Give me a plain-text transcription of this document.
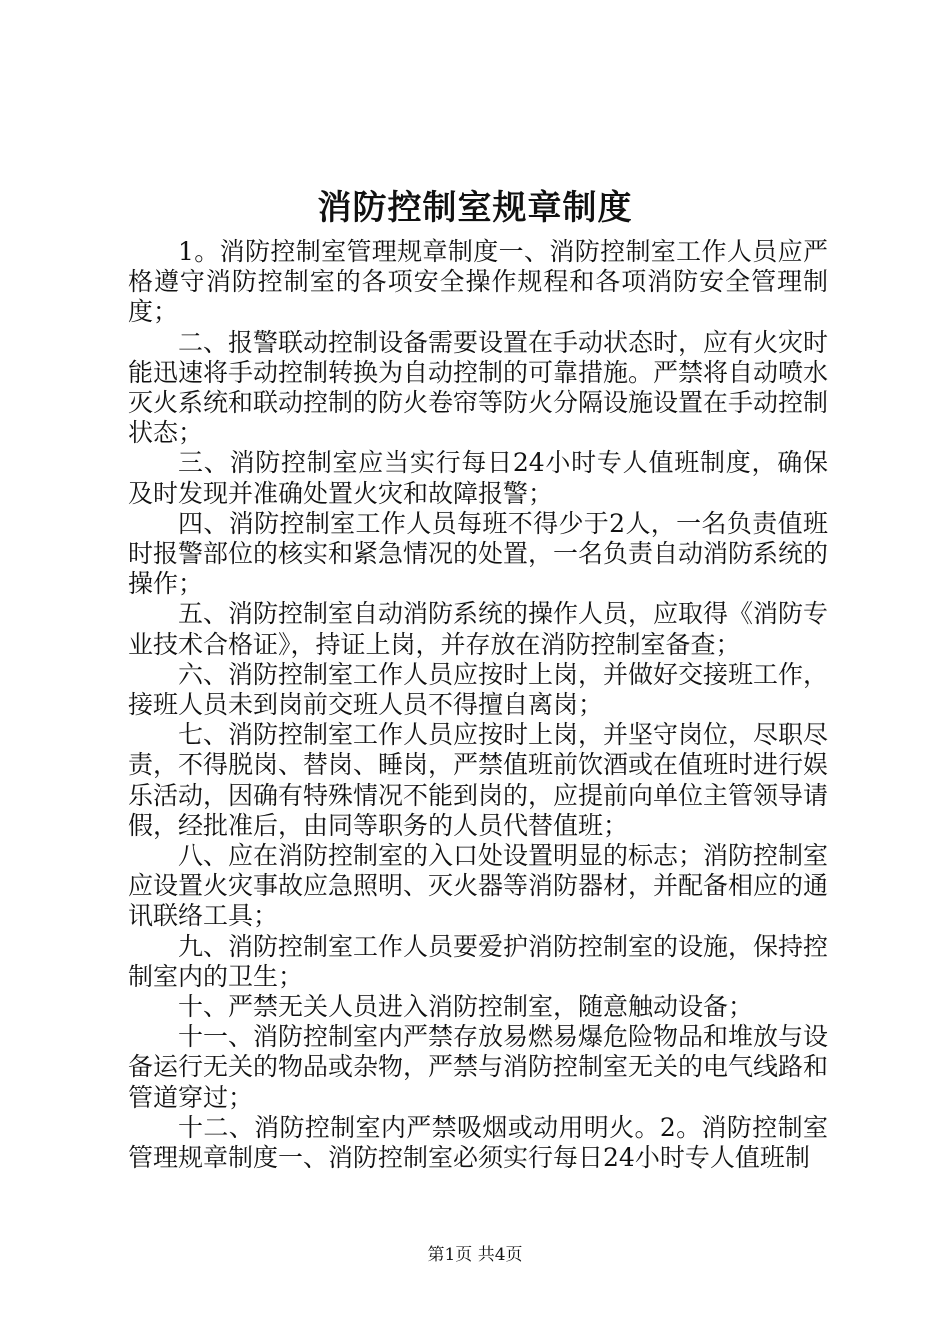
消防控制室规章制度

1。消防控制室管理规章制度一、消防控制室工作人员应严格遵守消防控制室的各项安全操作规程和各项消防安全管理制度；

二、报警联动控制设备需要设置在手动状态时，应有火灾时能迅速将手动控制转换为自动控制的可靠措施。严禁将自动喷水灭火系统和联动控制的防火卷帘等防火分隔设施设置在手动控制状态；

三、消防控制室应当实行每日24小时专人值班制度，确保及时发现并准确处置火灾和故障报警；

四、消防控制室工作人员每班不得少于2人，一名负责值班时报警部位的核实和紧急情况的处置，一名负责自动消防系统的操作；

五、消防控制室自动消防系统的操作人员，应取得《消防专业技术合格证》，持证上岗，并存放在消防控制室备查；

六、消防控制室工作人员应按时上岗，并做好交接班工作，接班人员未到岗前交班人员不得擅自离岗；

七、消防控制室工作人员应按时上岗，并坚守岗位，尽职尽责，不得脱岗、替岗、睡岗，严禁值班前饮酒或在值班时进行娱乐活动，因确有特殊情况不能到岗的，应提前向单位主管领导请假，经批准后，由同等职务的人员代替值班；

八、应在消防控制室的入口处设置明显的标志；消防控制室应设置火灾事故应急照明、灭火器等消防器材，并配备相应的通讯联络工具；

九、消防控制室工作人员要爱护消防控制室的设施，保持控制室内的卫生；

十、严禁无关人员进入消防控制室，随意触动设备；

十一、消防控制室内严禁存放易燃易爆危险物品和堆放与设备运行无关的物品或杂物，严禁与消防控制室无关的电气线路和管道穿过；

十二、消防控制室内严禁吸烟或动用明火。2。消防控制室管理规章制度一、消防控制室必须实行每日24小时专人值班制

第1页 共4页
